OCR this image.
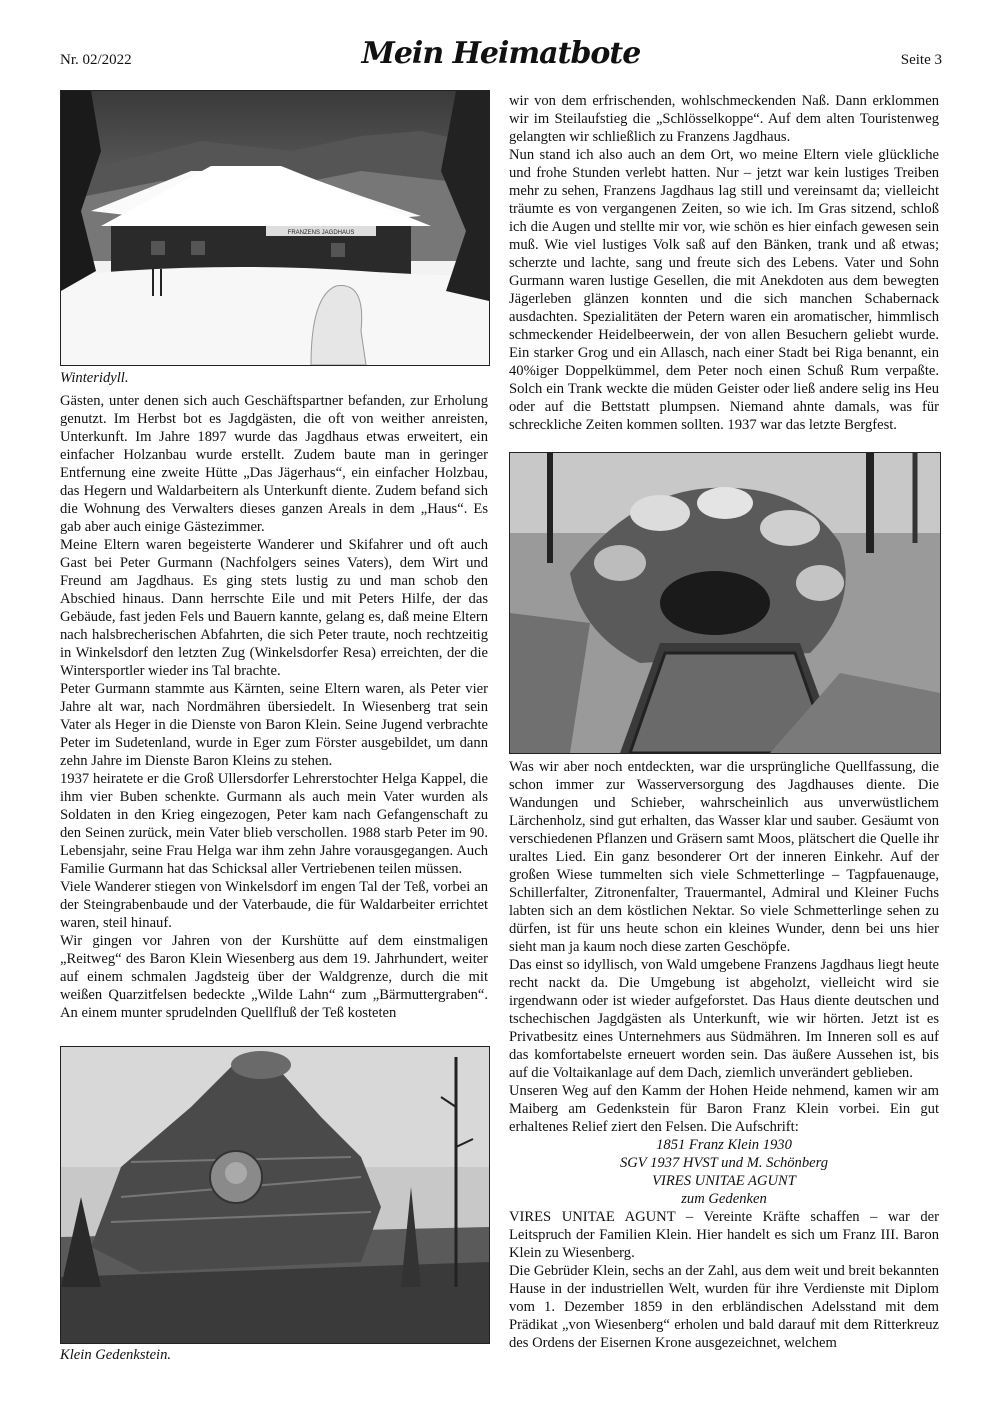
Nr. 02/2022	Mein Heimatbote	Seite 3
FRANZENS JAGDHAUS
Winteridyll.

Gästen, unter denen sich auch Geschäftspartner befanden, zur Erholung genutzt. Im Herbst bot es Jagdgästen, die oft von weither anreisten, Unterkunft. Im Jahre 1897 wurde das Jagdhaus etwas erweitert, ein einfacher Holzanbau wurde erstellt. Zudem baute man in geringer Entfernung eine zweite Hütte „Das Jägerhaus“, ein einfacher Holzbau, das Hegern und Waldarbeitern als Unterkunft diente. Zudem befand sich die Wohnung des Verwalters dieses ganzen Areals in dem „Haus“. Es gab aber auch einige Gästezimmer.

Meine Eltern waren begeisterte Wanderer und Skifahrer und oft auch Gast bei Peter Gurmann (Nachfolgers seines Vaters), dem Wirt und Freund am Jagdhaus. Es ging stets lustig zu und man schob den Abschied hinaus. Dann herrschte Eile und mit Peters Hilfe, der das Gebäude, fast jeden Fels und Bauern kannte, gelang es, daß meine Eltern nach halsbrecherischen Abfahrten, die sich Peter traute, noch rechtzeitig in Winkelsdorf den letzten Zug (Winkelsdorfer Resa) erreichten, der die Wintersportler wieder ins Tal brachte.

Peter Gurmann stammte aus Kärnten, seine Eltern waren, als Peter vier Jahre alt war, nach Nordmähren übersiedelt. In Wiesenberg trat sein Vater als Heger in die Dienste von Baron Klein. Seine Jugend verbrachte Peter im Sudetenland, wurde in Eger zum Förster ausgebildet, um dann zehn Jahre im Dienste Baron Kleins zu stehen.

1937 heiratete er die Groß Ullersdorfer Lehrerstochter Helga Kappel, die ihm vier Buben schenkte. Gurmann als auch mein Vater wurden als Soldaten in den Krieg eingezogen, Peter kam nach Gefangenschaft zu den Seinen zurück, mein Vater blieb verschollen. 1988 starb Peter im 90. Lebensjahr, seine Frau Helga war ihm zehn Jahre vorausgegangen. Auch Familie Gurmann hat das Schicksal aller Vertriebenen teilen müssen.

Viele Wanderer stiegen von Winkelsdorf im engen Tal der Teß, vorbei an der Steingrabenbaude und der Vaterbaude, die für Waldarbeiter errichtet waren, steil hinauf.

Wir gingen vor Jahren von der Kurshütte auf dem einstmaligen „Reitweg“ des Baron Klein Wiesenberg aus dem 19. Jahrhundert, weiter auf einem schmalen Jagdsteig über der Waldgrenze, durch die mit weißen Quarzitfelsen bedeckte „Wilde Lahn“ zum „Bärmuttergraben“. An einem munter sprudelnden Quellfluß der Teß kosteten

Klein Gedenkstein.

wir von dem erfrischenden, wohlschmeckenden Naß. Dann erklommen wir im Steilaufstieg die „Schlösselkoppe“. Auf dem alten Touristenweg gelangten wir schließlich zu Franzens Jagdhaus.

Nun stand ich also auch an dem Ort, wo meine Eltern viele glückliche und frohe Stunden verlebt hatten. Nur – jetzt war kein lustiges Treiben mehr zu sehen, Franzens Jagdhaus lag still und vereinsamt da; vielleicht träumte es von vergangenen Zeiten, so wie ich. Im Gras sitzend, schloß ich die Augen und stellte mir vor, wie schön es hier einfach gewesen sein muß. Wie viel lustiges Volk saß auf den Bänken, trank und aß etwas; scherzte und lachte, sang und freute sich des Lebens. Vater und Sohn Gurmann waren lustige Gesellen, die mit Anekdoten aus dem bewegten Jägerleben glänzen konnten und die sich manchen Schabernack ausdachten. Spezialitäten der Petern waren ein aromatischer, himmlisch schmeckender Heidelbeerwein, der von allen Besuchern geliebt wurde. Ein starker Grog und ein Allasch, nach einer Stadt bei Riga benannt, ein 40%iger Doppelkümmel, dem Peter noch einen Schuß Rum verpaßte. Solch ein Trank weckte die müden Geister oder ließ andere selig ins Heu oder auf die Bettstatt plumpsen. Niemand ahnte damals, was für schreckliche Zeiten kommen sollten. 1937 war das letzte Bergfest.

Was wir aber noch entdeckten, war die ursprüngliche Quellfassung, die schon immer zur Wasserversorgung des Jagdhauses diente. Die Wandungen und Schieber, wahrscheinlich aus unverwüstlichem Lärchenholz, sind gut erhalten, das Wasser klar und sauber. Gesäumt von verschiedenen Pflanzen und Gräsern samt Moos, plätschert die Quelle ihr uraltes Lied. Ein ganz besonderer Ort der inneren Einkehr. Auf der großen Wiese tummelten sich viele Schmetterlinge – Tagpfauenauge, Schillerfalter, Zitronenfalter, Trauermantel, Admiral und Kleiner Fuchs labten sich an dem köstlichen Nektar. So viele Schmetterlinge sehen zu dürfen, ist für uns heute schon ein kleines Wunder, denn bei uns hier sieht man ja kaum noch diese zarten Geschöpfe.

Das einst so idyllisch, von Wald umgebene Franzens Jagdhaus liegt heute recht nackt da. Die Umgebung ist abgeholzt, vielleicht wird sie irgendwann oder ist wieder aufgeforstet. Das Haus diente deutschen und tschechischen Jagdgästen als Unterkunft, wie wir hörten. Jetzt ist es Privatbesitz eines Unternehmers aus Südmähren. Im Inneren soll es auf das komfortabelste erneuert worden sein. Das äußere Aussehen ist, bis auf die Voltaikanlage auf dem Dach, ziemlich unverändert geblieben.

Unseren Weg auf den Kamm der Hohen Heide nehmend, kamen wir am Maiberg am Gedenkstein für Baron Franz Klein vorbei. Ein gut erhaltenes Relief ziert den Felsen. Die Aufschrift:

1851 Franz Klein 1930

SGV 1937 HVST und M. Schönberg

VIRES UNITAE AGUNT

zum Gedenken

VIRES UNITAE AGUNT – Vereinte Kräfte schaffen – war der Leitspruch der Familien Klein. Hier handelt es sich um Franz III. Baron Klein zu Wiesenberg.

Die Gebrüder Klein, sechs an der Zahl, aus dem weit und breit bekannten Hause in der industriellen Welt, wurden für ihre Verdienste mit Diplom vom 1. Dezember 1859 in den erbländischen Adelsstand mit dem Prädikat „von Wiesenberg“ erholen und bald darauf mit dem Ritterkreuz des Ordens der Eisernen Krone ausgezeichnet, welchem
